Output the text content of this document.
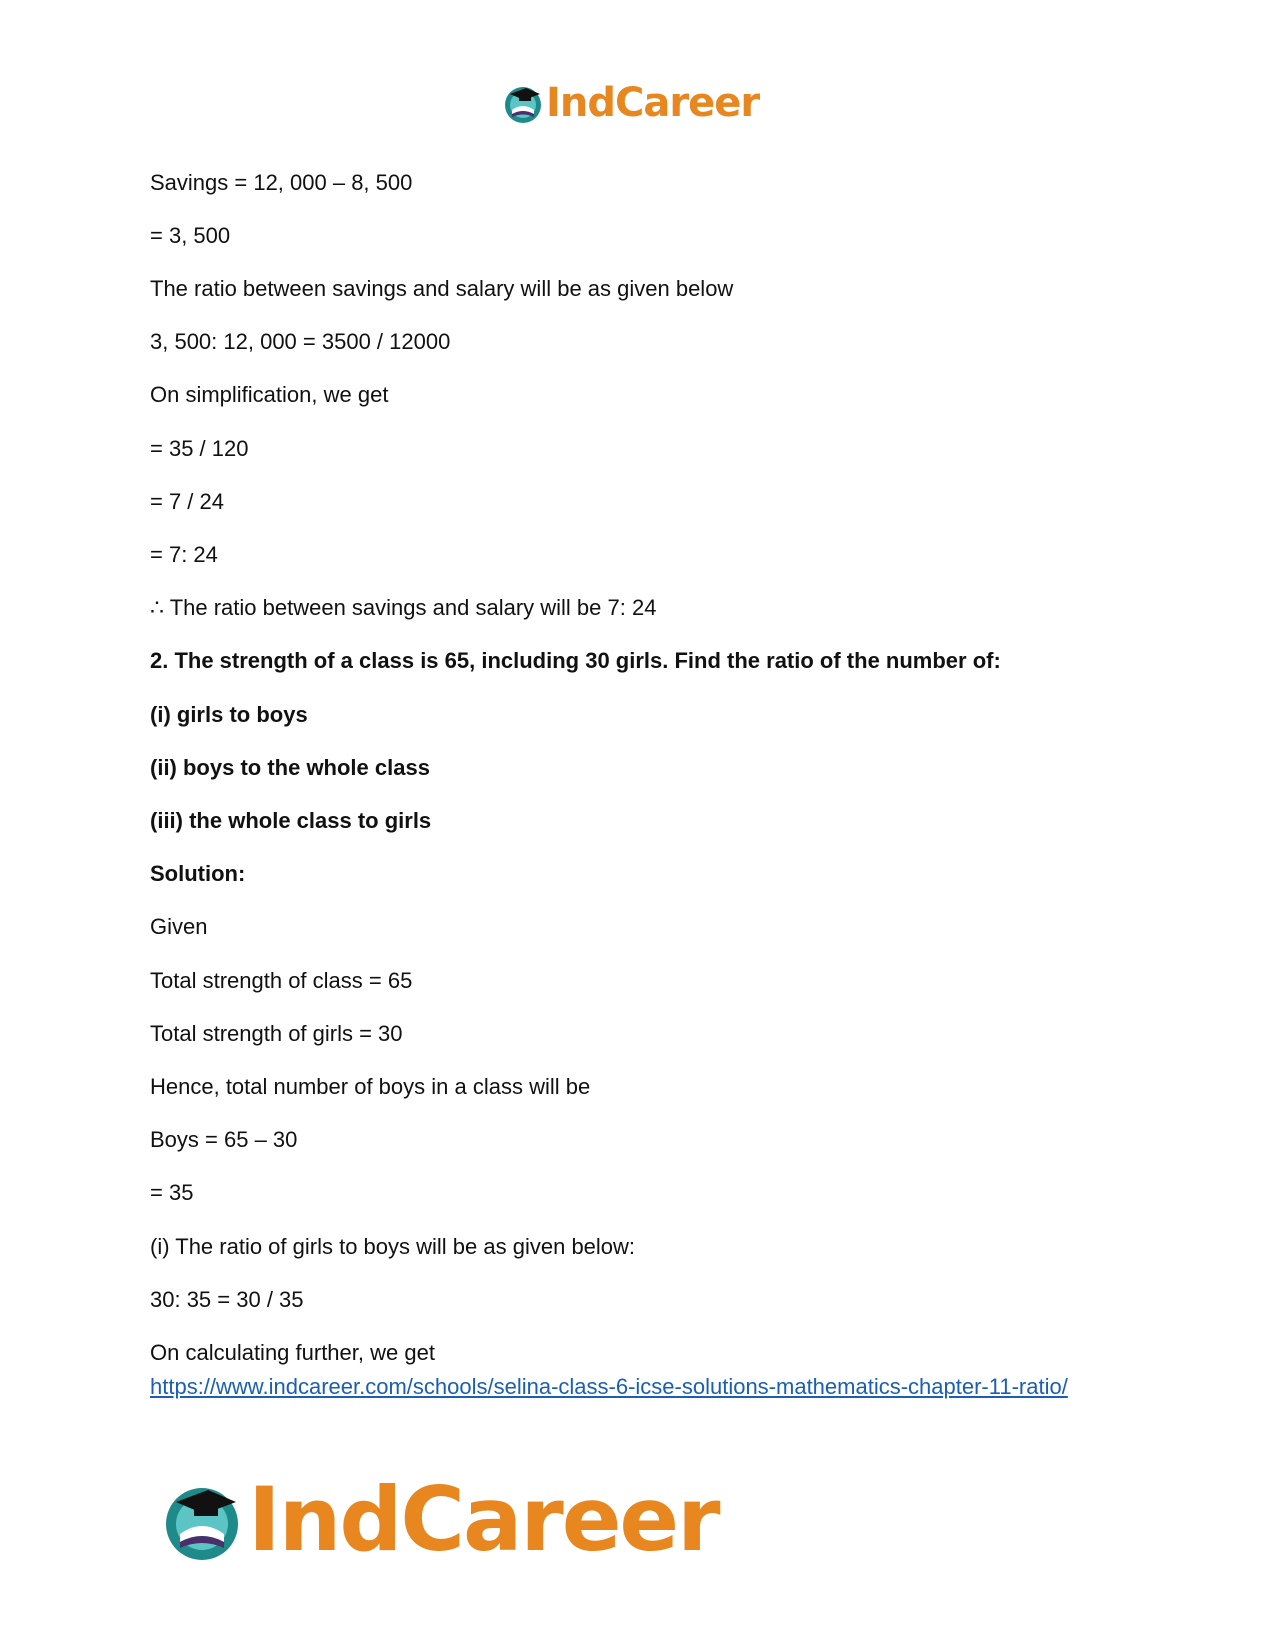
IndCareer
Savings = 12, 000 – 8, 500
= 3, 500
The ratio between savings and salary will be as given below
3, 500: 12, 000 = 3500 / 12000
On simplification, we get
= 35 / 120
= 7 / 24
= 7: 24
∴ The ratio between savings and salary will be 7: 24
2. The strength of a class is 65, including 30 girls. Find the ratio of the number of:
(i) girls to boys
(ii) boys to the whole class
(iii) the whole class to girls
Solution:
Given
Total strength of class = 65
Total strength of girls = 30
Hence, total number of boys in a class will be
Boys = 65 – 30
= 35
(i) The ratio of girls to boys will be as given below:
30: 35 = 30 / 35
On calculating further, we get
https://www.indcareer.com/schools/selina-class-6-icse-solutions-mathematics-chapter-11-ratio/
IndCareer
